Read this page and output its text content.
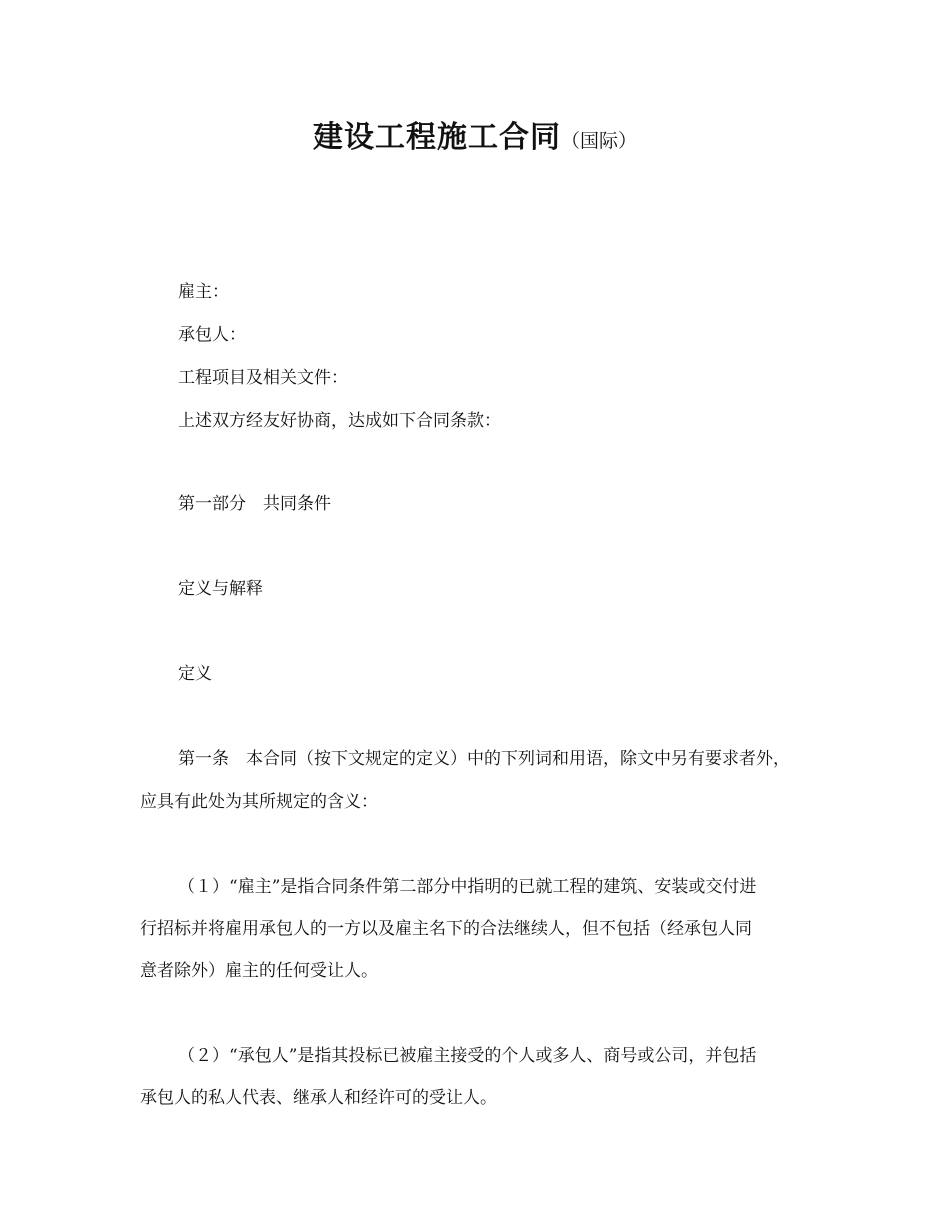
建设工程施工合同（国际）
雇主：
承包人：
工程项目及相关文件：
上述双方经友好协商，达成如下合同条款：
第一部分　共同条件
定义与解释
定义
第一条　本合同（按下文规定的定义）中的下列词和用语，除文中另有要求者外，
应具有此处为其所规定的含义：
（１）“雇主”是指合同条件第二部分中指明的已就工程的建筑、安装或交付进
行招标并将雇用承包人的一方以及雇主名下的合法继续人，但不包括（经承包人同
意者除外）雇主的任何受让人。
（２）“承包人”是指其投标已被雇主接受的个人或多人、商号或公司，并包括
承包人的私人代表、继承人和经许可的受让人。
